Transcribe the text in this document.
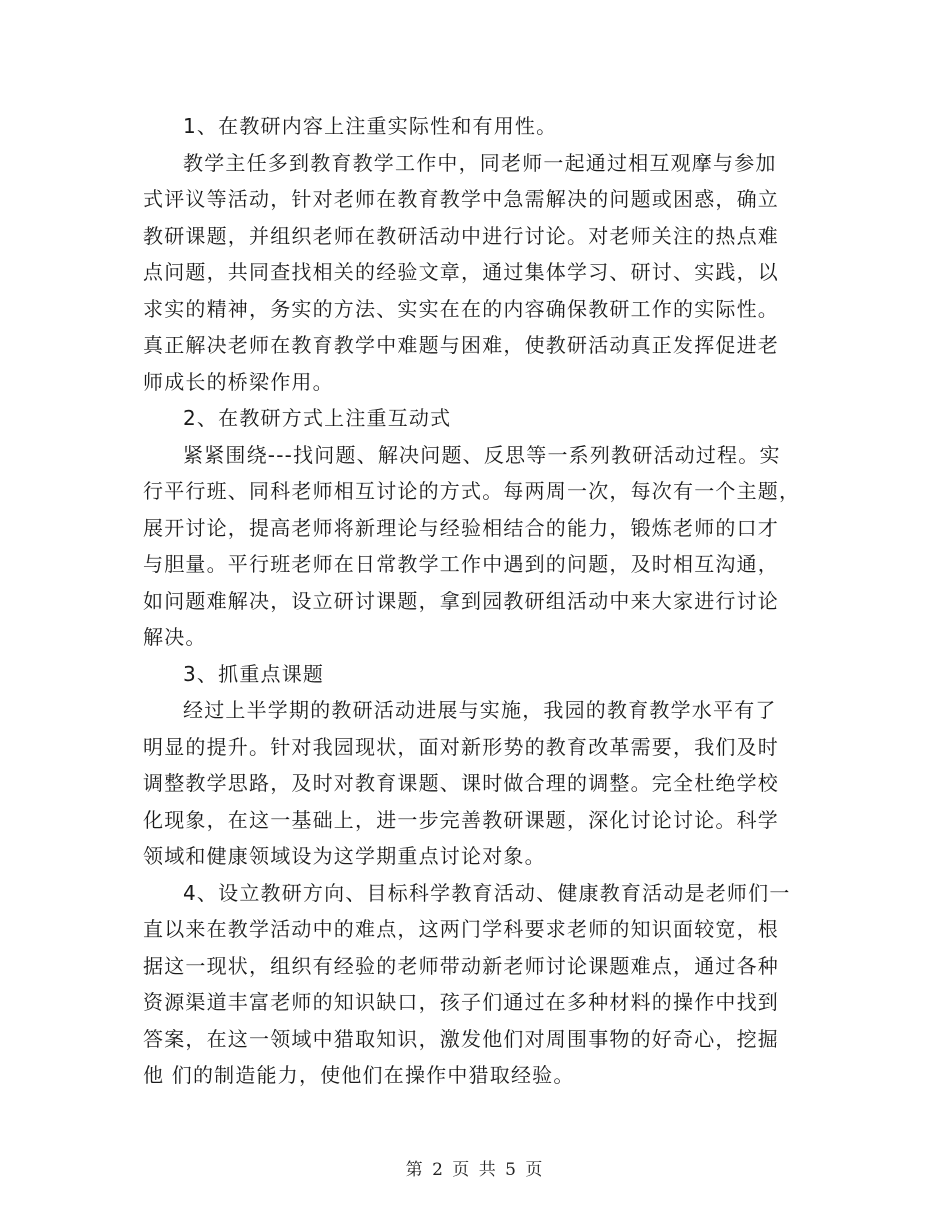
1、在教研内容上注重实际性和有用性。

教学主任多到教育教学工作中，同老师一起通过相互观摩与参加
式评议等活动，针对老师在教育教学中急需解决的问题或困惑，确立
教研课题，并组织老师在教研活动中进行讨论。对老师关注的热点难
点问题，共同查找相关的经验文章，通过集体学习、研讨、实践，以
求实的精神，务实的方法、实实在在的内容确保教研工作的实际性。
真正解决老师在教育教学中难题与困难，使教研活动真正发挥促进老
师成长的桥梁作用。

2、在教研方式上注重互动式

紧紧围绕---找问题、解决问题、反思等一系列教研活动过程。实
行平行班、同科老师相互讨论的方式。每两周一次，每次有一个主题，
展开讨论，提高老师将新理论与经验相结合的能力，锻炼老师的口才
与胆量。平行班老师在日常教学工作中遇到的问题，及时相互沟通，
如问题难解决，设立研讨课题，拿到园教研组活动中来大家进行讨论
解决。

3、抓重点课题

经过上半学期的教研活动进展与实施，我园的教育教学水平有了
明显的提升。针对我园现状，面对新形势的教育改革需要，我们及时
调整教学思路，及时对教育课题、课时做合理的调整。完全杜绝学校
化现象，在这一基础上，进一步完善教研课题，深化讨论讨论。科学
领域和健康领域设为这学期重点讨论对象。
4、设立教研方向、目标科学教育活动、健康教育活动是老师们一
直以来在教学活动中的难点，这两门学科要求老师的知识面较宽，根
据这一现状，组织有经验的老师带动新老师讨论课题难点，通过各种
资源渠道丰富老师的知识缺口，孩子们通过在多种材料的操作中找到
答案，在这一领域中猎取知识，激发他们对周围事物的好奇心，挖掘
他 们的制造能力，使他们在操作中猎取经验。
第 2 页 共 5 页
